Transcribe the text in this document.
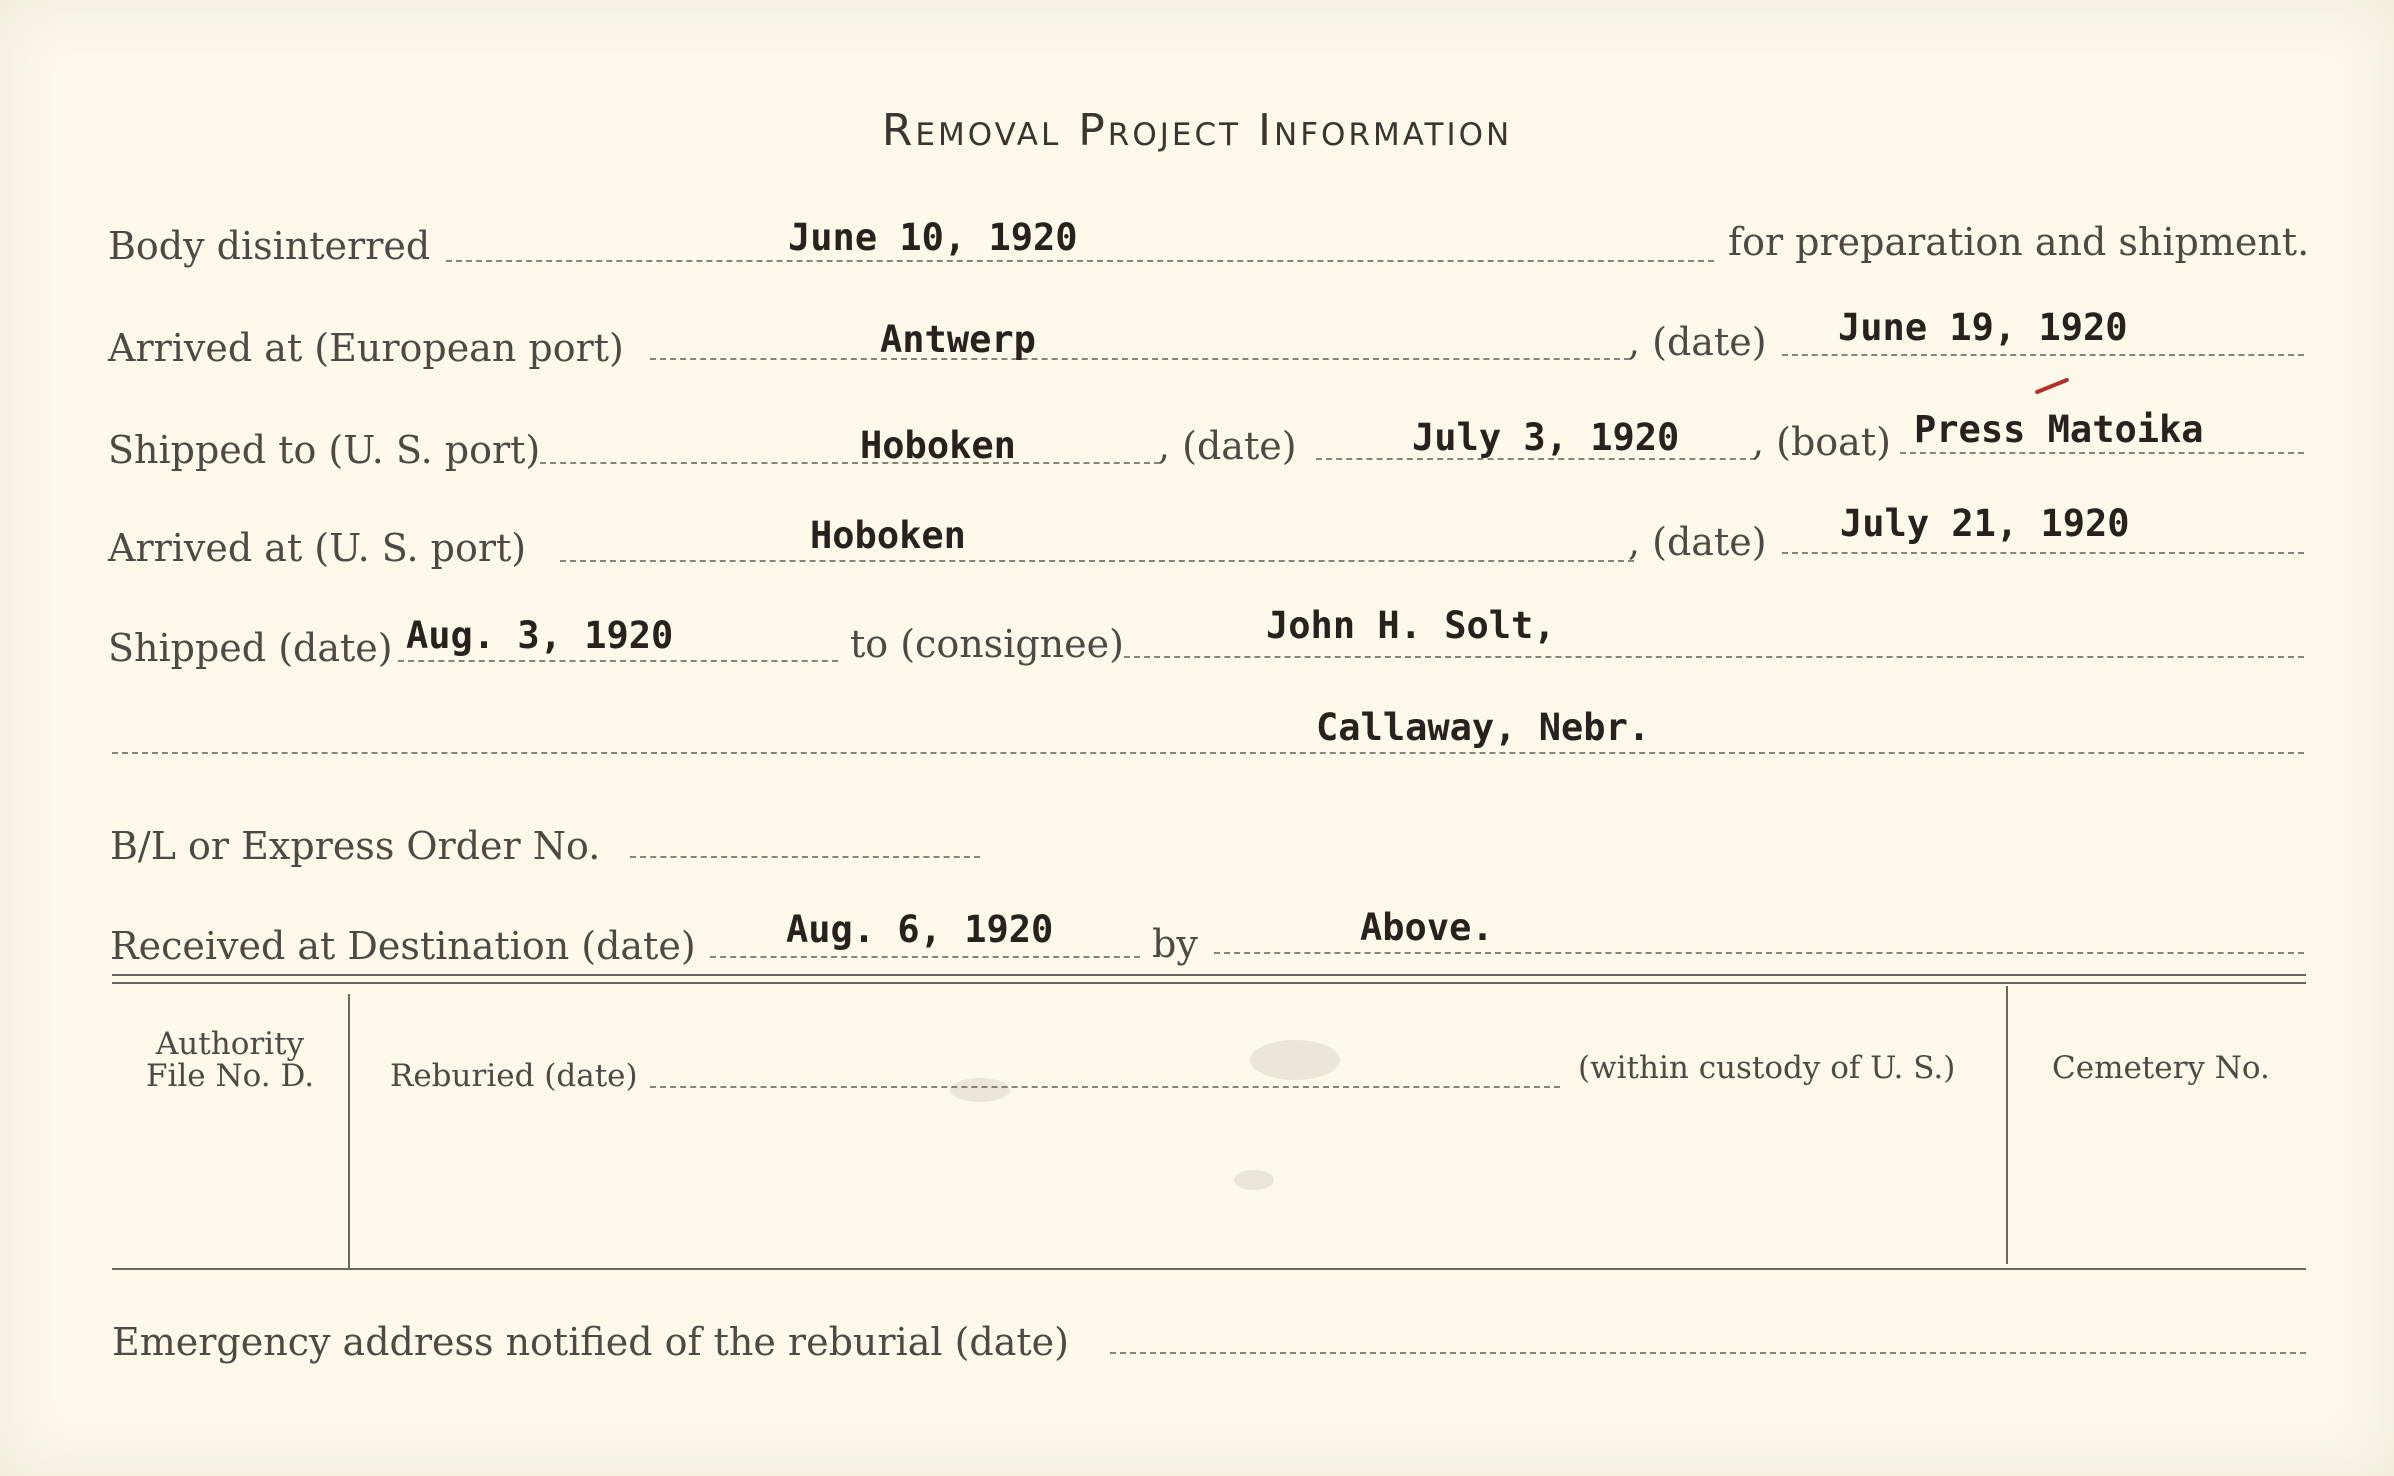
Removal Project Information
Body disinterred	June 10, 1920	for preparation and shipment.
Arrived at (European port)	Antwerp	, (date) June 19, 1920
Shipped to (U. S. port)	Hoboken	, (date)	July 3, 1920 , (boat) Press Matoika
Arrived at (U. S. port)	Hoboken	, (date) July 21, 1920
Shipped (date) Aug. 3, 1920	to (consignee)	John H. Solt,
Callaway, Nebr.
B/L or Express Order No.
Received at Destination (date) Aug. 6, 1920	by	Above.
Authority
File No. D.	Reburied (date)	(within custody of U. S.)	Cemetery No.
Emergency address notified of the reburial (date)
